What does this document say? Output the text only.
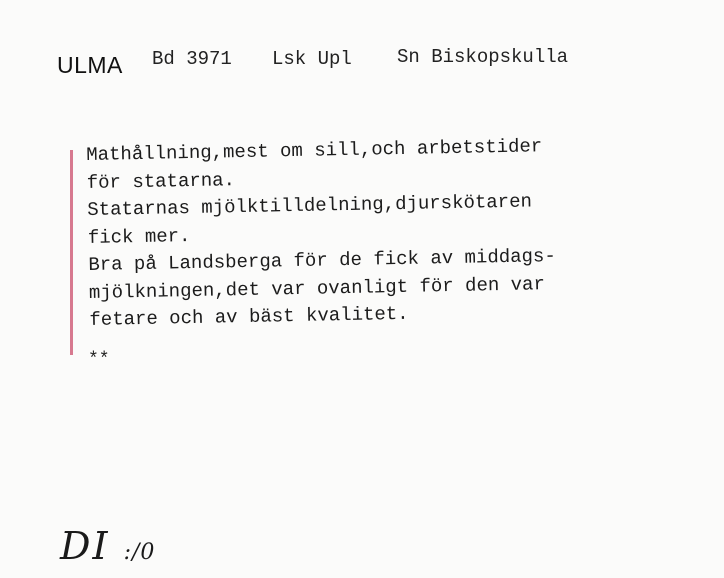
ULMA Bd 3971 Lsk Upl Sn Biskopskulla
Mathållning,mest om sill,och arbetstider
för statarna.
Statarnas mjölktilldelning,djurskötaren
fick mer.
Bra på Landsberga för de fick av middags-
mjölkningen,det var ovanligt för den var
fetare och av bäst kvalitet.
**
DI :/0
